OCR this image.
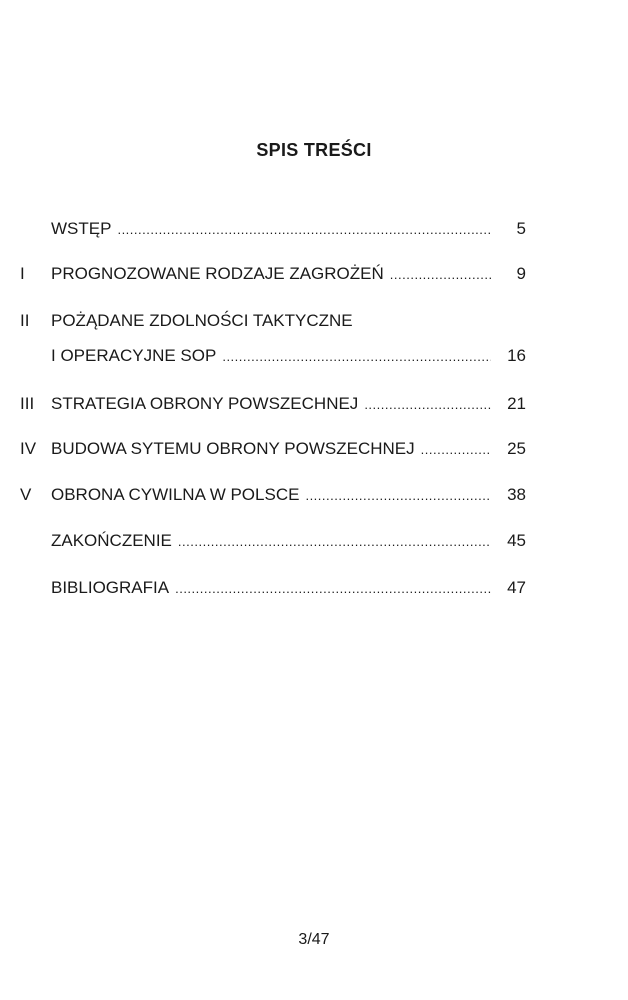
SPIS TREŚCI
WSTĘP .....	5
I	PROGNOZOWANE RODZAJE ZAGROŻEŃ .....	9
II	POŻĄDANE ZDOLNOŚCI TAKTYCZNE
I OPERACYJNE SOP .....	16
III STRATEGIA OBRONY POWSZECHNEJ .....	21
IV BUDOWA SYTEMU OBRONY POWSZECHNEJ .....	25
V	OBRONA CYWILNA W POLSCE .....	38
ZAKOŃCZENIE .....	45
BIBLIOGRAFIA .....	47
3/47
